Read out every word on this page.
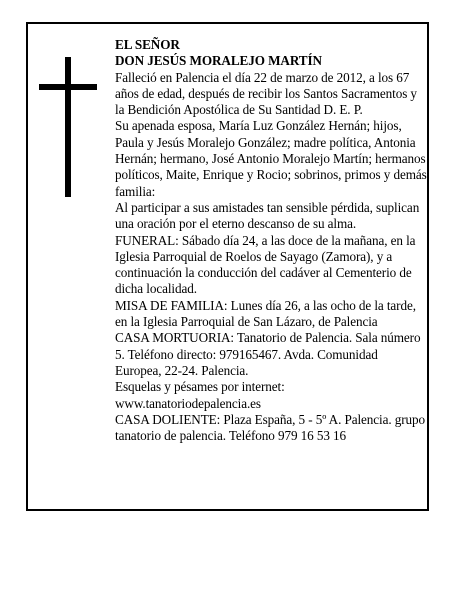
EL SEÑOR

DON JESÚS MORALEJO MARTÍN

Falleció en Palencia el día 22 de marzo de 2012, a los 67 años de edad, después de recibir los Santos Sacramentos y la Bendición Apostólica de Su Santidad D. E. P.

Su apenada esposa, María Luz González Hernán; hijos, Paula y Jesús Moralejo González; madre política, Antonia Hernán; hermano, José Antonio Moralejo Martín; hermanos políticos, Maite, Enrique y Rocio; sobrinos, primos y demás familia:

Al participar a sus amistades tan sensible pérdida, suplican una oración por el eterno descanso de su alma.

FUNERAL: Sábado día 24, a las doce de la mañana, en la Iglesia Parroquial de Roelos de Sayago (Zamora), y a continuación la conducción del cadáver al Cementerio de dicha localidad.

MISA DE FAMILIA: Lunes día 26, a las ocho de la tarde, en la Iglesia Parroquial de San Lázaro, de Palencia

CASA MORTUORIA: Tanatorio de Palencia. Sala número 5. Teléfono directo: 979165467. Avda. Comunidad Europea, 22-24. Palencia.

Esquelas y pésames por internet: www.tanatoriodepalencia.es

CASA DOLIENTE: Plaza España, 5 - 5º A. Palencia. grupo tanatorio de palencia. Teléfono 979 16 53 16
